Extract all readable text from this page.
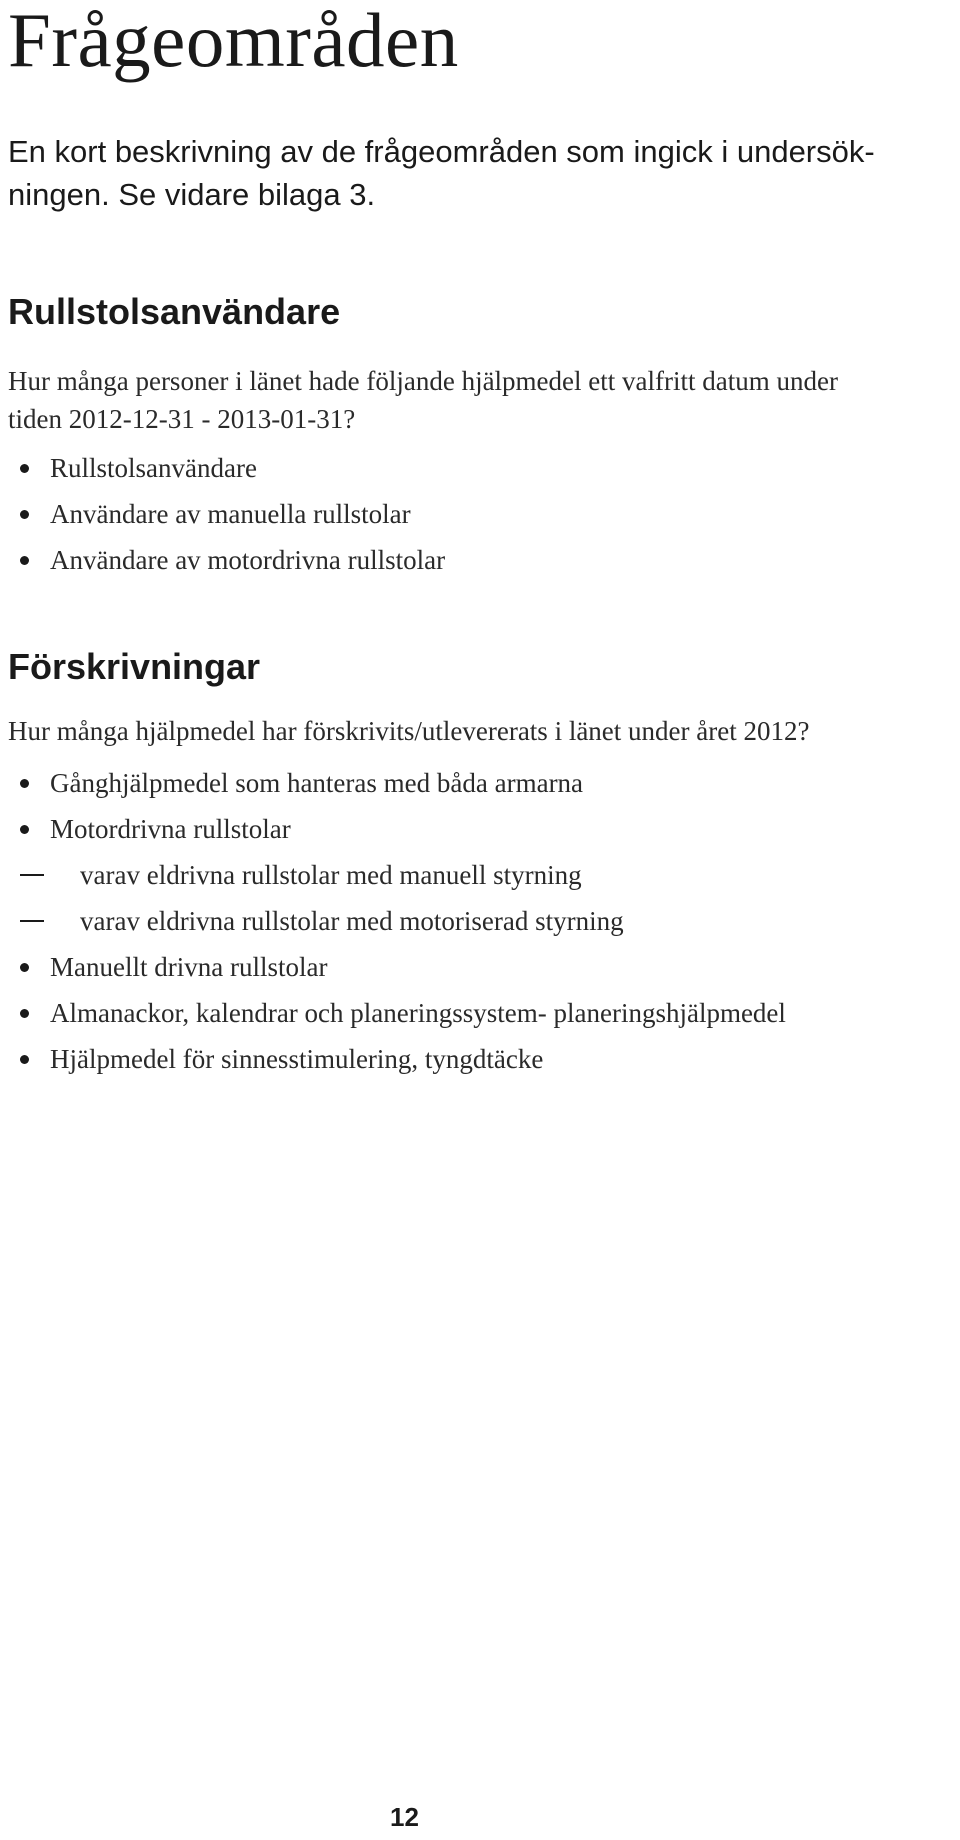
Frågeområden

En kort beskrivning av de frågeområden som ingick i undersök-
ningen. Se vidare bilaga 3.

Rullstolsanvändare

Hur många personer i länet hade följande hjälpmedel ett valfritt datum under
tiden 2012-12-31 - 2013-01-31?

Rullstolsanvändare
Användare av manuella rullstolar
Användare av motordrivna rullstolar
Förskrivningar

Hur många hjälpmedel har förskrivits/utlevererats i länet under året 2012?

Gånghjälpmedel som hanteras med båda armarna
Motordrivna rullstolar
varav eldrivna rullstolar med manuell styrning
varav eldrivna rullstolar med motoriserad styrning
Manuellt drivna rullstolar
Almanackor, kalendrar och planeringssystem- planeringshjälpmedel
Hjälpmedel för sinnesstimulering, tyngdtäcke

12
